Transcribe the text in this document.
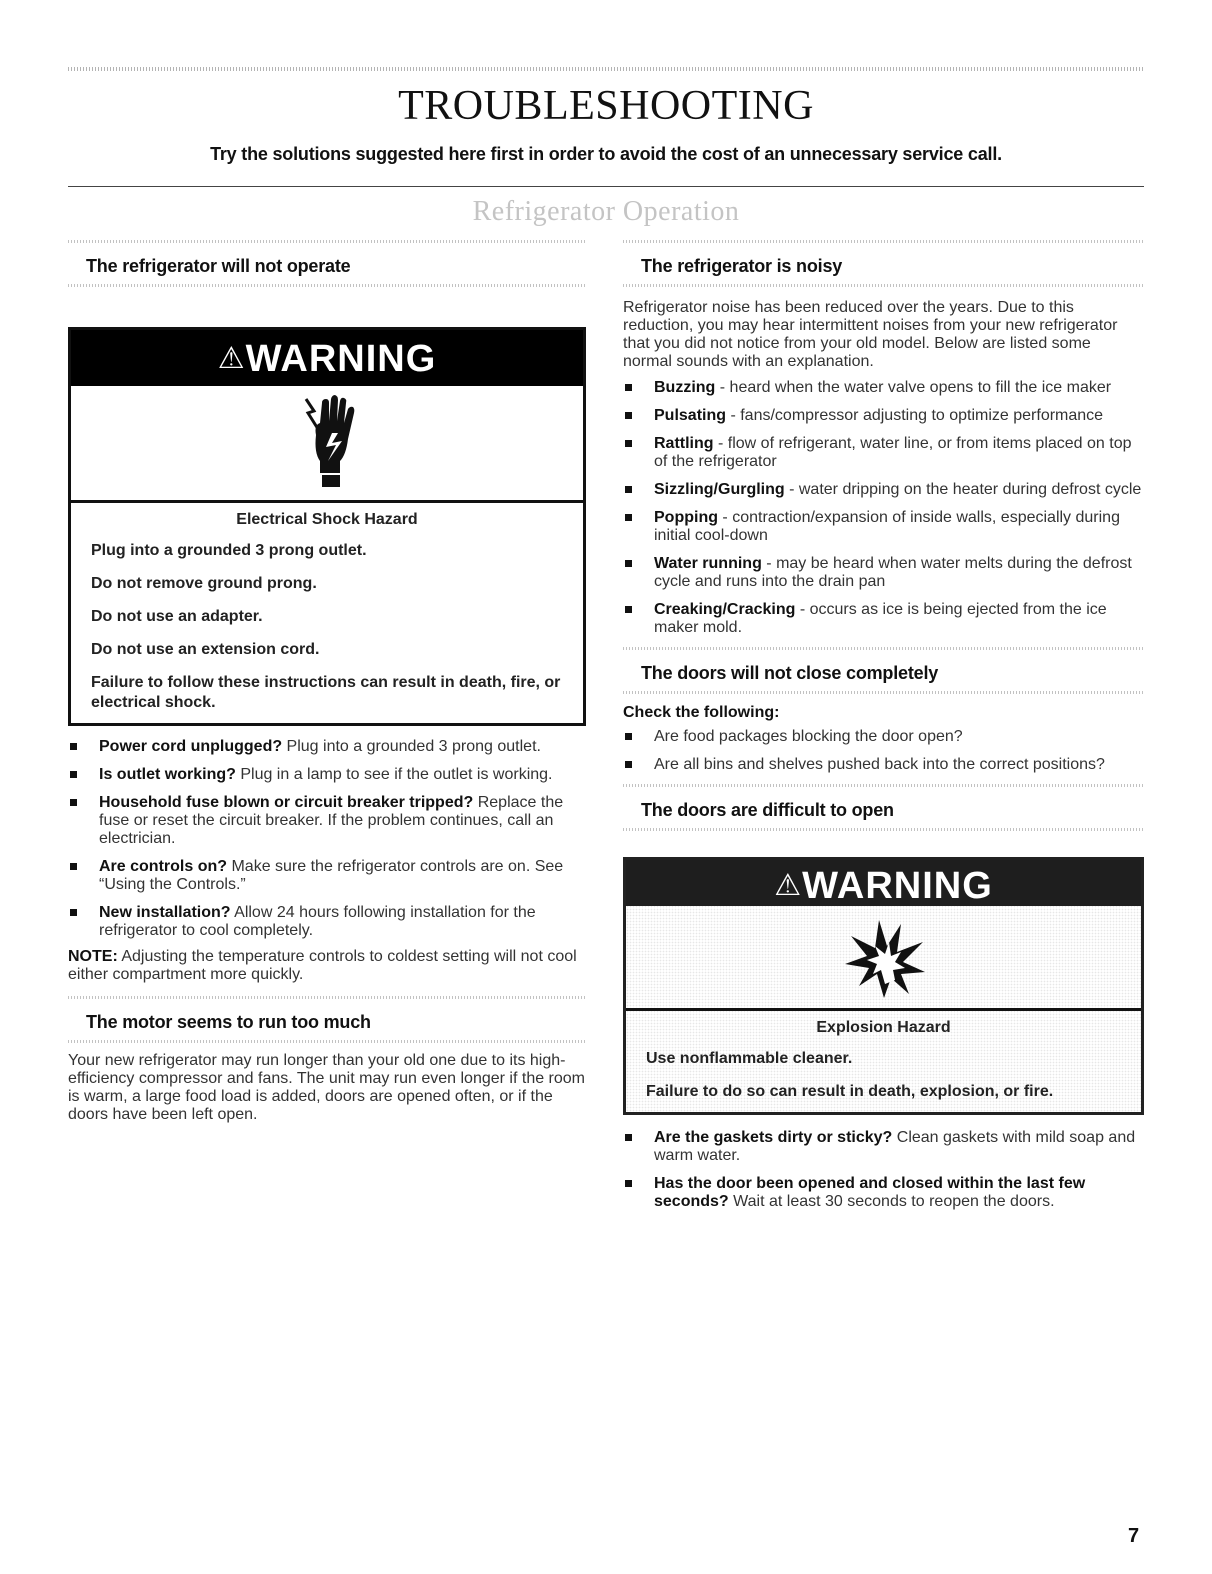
TROUBLESHOOTING
Try the solutions suggested here first in order to avoid the cost of an unnecessary service call.
Refrigerator Operation
The refrigerator will not operate
⚠WARNING
Electrical Shock Hazard

Plug into a grounded 3 prong outlet.

Do not remove ground prong.

Do not use an adapter.

Do not use an extension cord.

Failure to follow these instructions can result in death, fire, or electrical shock.

Power cord unplugged? Plug into a grounded 3 prong outlet.
Is outlet working? Plug in a lamp to see if the outlet is working.
Household fuse blown or circuit breaker tripped? Replace the fuse or reset the circuit breaker. If the problem continues, call an electrician.
Are controls on? Make sure the refrigerator controls are on. See “Using the Controls.”
New installation? Allow 24 hours following installation for the refrigerator to cool completely.
NOTE: Adjusting the temperature controls to coldest setting will not cool either compartment more quickly.
The motor seems to run too much
Your new refrigerator may run longer than your old one due to its high-efficiency compressor and fans. The unit may run even longer if the room is warm, a large food load is added, doors are opened often, or if the doors have been left open.
The refrigerator is noisy
Refrigerator noise has been reduced over the years. Due to this reduction, you may hear intermittent noises from your new refrigerator that you did not notice from your old model. Below are listed some normal sounds with an explanation.
Buzzing - heard when the water valve opens to fill the ice maker
Pulsating - fans/compressor adjusting to optimize performance
Rattling - flow of refrigerant, water line, or from items placed on top of the refrigerator
Sizzling/Gurgling - water dripping on the heater during defrost cycle
Popping - contraction/expansion of inside walls, especially during initial cool-down
Water running - may be heard when water melts during the defrost cycle and runs into the drain pan
Creaking/Cracking - occurs as ice is being ejected from the ice maker mold.
The doors will not close completely
Check the following:
Are food packages blocking the door open?
Are all bins and shelves pushed back into the correct positions?
The doors are difficult to open
⚠WARNING
Explosion Hazard

Use nonflammable cleaner.

Failure to do so can result in death, explosion, or fire.

Are the gaskets dirty or sticky? Clean gaskets with mild soap and warm water.
Has the door been opened and closed within the last few seconds? Wait at least 30 seconds to reopen the doors.
7
